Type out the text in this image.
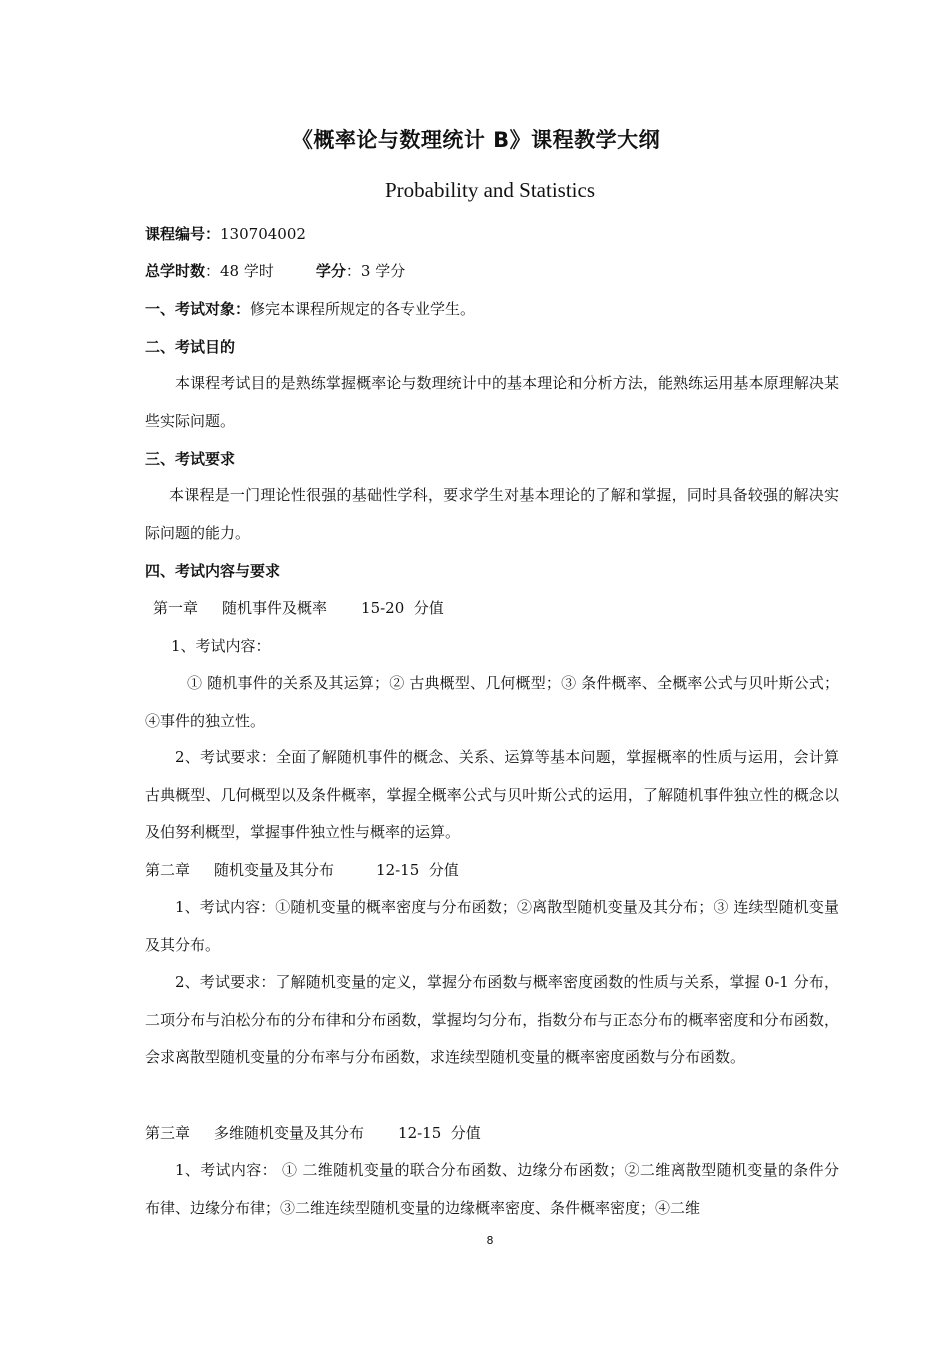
《概率论与数理统计 B》课程教学大纲
Probability and Statistics
课程编号：130704002
总学时数：48 学时	学分：3 学分
一、考试对象：修完本课程所规定的各专业学生。
二、考试目的
本课程考试目的是熟练掌握概率论与数理统计中的基本理论和分析方法，能熟练运用基本原理解决某些实际问题。
三、考试要求
本课程是一门理论性很强的基础性学科，要求学生对基本理论的了解和掌握，同时具备较强的解决实际问题的能力。
四、考试内容与要求
第一章 随机事件及概率 15-20  分值
1、考试内容：
① 随机事件的关系及其运算；② 古典概型、几何概型；③ 条件概率、全概率公式与贝叶斯公式；④事件的独立性。
2、考试要求：全面了解随机事件的概念、关系、运算等基本问题，掌握概率的性质与运用，会计算古典概型、几何概型以及条件概率，掌握全概率公式与贝叶斯公式的运用，了解随机事件独立性的概念以及伯努利概型，掌握事件独立性与概率的运算。
第二章 随机变量及其分布	12-15  分值
1、考试内容：①随机变量的概率密度与分布函数；②离散型随机变量及其分布；③ 连续型随机变量及其分布。
2、考试要求：了解随机变量的定义，掌握分布函数与概率密度函数的性质与关系，掌握 0-1 分布，二项分布与泊松分布的分布律和分布函数，掌握均匀分布，指数分布与正态分布的概率密度和分布函数，会求离散型随机变量的分布率与分布函数，求连续型随机变量的概率密度函数与分布函数。
第三章 多维随机变量及其分布 12-15  分值
1、考试内容： ① 二维随机变量的联合分布函数、边缘分布函数；②二维离散型随机变量的条件分布律、边缘分布律；③二维连续型随机变量的边缘概率密度、条件概率密度；④二维
8
